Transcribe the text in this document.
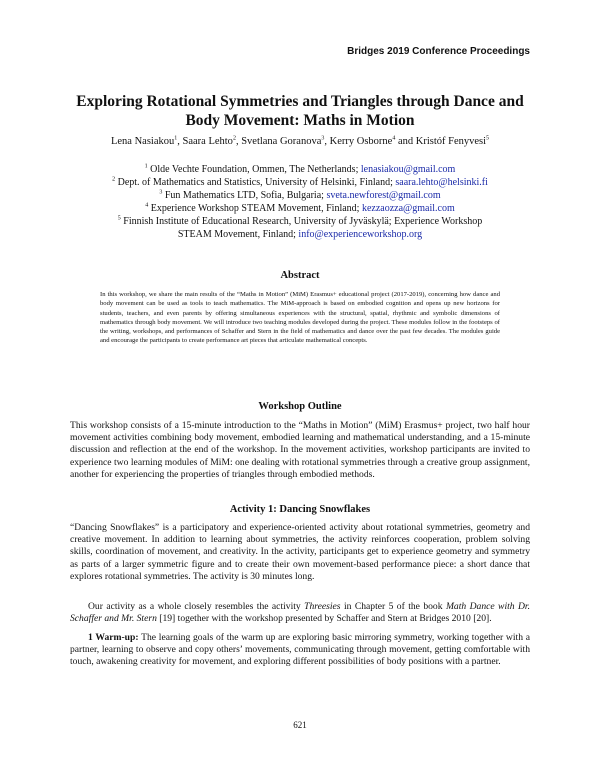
Bridges 2019 Conference Proceedings
Exploring Rotational Symmetries and Triangles through Dance and
Body Movement: Maths in Motion
Lena Nasiakou$^1$, Saara Lehto$^2$, Svetlana Goranova$^3$, Kerry Osborne$^4$ and Kristóf Fenyvesi$^5$
$^1$ Olde Vechte Foundation, Ommen, The Netherlands; lenasiakou@gmail.com
$^2$ Dept. of Mathematics and Statistics, University of Helsinki, Finland; saara.lehto@helsinki.fi
$^3$ Fun Mathematics LTD, Sofia, Bulgaria; sveta.newforest@gmail.com
$^4$ Experience Workshop STEAM Movement, Finland; kezzaozza@gmail.com
$^5$ Finnish Institute of Educational Research, University of Jyväskylä; Experience Workshop
STEAM Movement, Finland; info@experienceworkshop.org
Abstract
In this workshop, we share the main results of the “Maths in Motion” (MiM) Erasmus+ educational project (2017-2019), concerning how dance and body movement can be used as tools to teach mathematics. The MiM-approach is based on embodied cognition and opens up new horizons for students, teachers, and even parents by offering simultaneous experiences with the structural, spatial, rhythmic and symbolic dimensions of mathematics through body movement. We will introduce two teaching modules developed during the project. These modules follow in the footsteps of the writing, workshops, and performances of Schaffer and Stern in the field of mathematics and dance over the past few decades. The modules guide and encourage the participants to create performance art pieces that articulate mathematical concepts.
Workshop Outline
This workshop consists of a 15-minute introduction to the “Maths in Motion” (MiM) Erasmus+ project, two half hour movement activities combining body movement, embodied learning and mathematical understanding, and a 15-minute discussion and reflection at the end of the workshop. In the movement activities, workshop participants are invited to experience two learning modules of MiM: one dealing with rotational symmetries through a creative group assignment, another for experiencing the properties of triangles through embodied methods.
Activity 1: Dancing Snowflakes
“Dancing Snowflakes” is a participatory and experience-oriented activity about rotational symmetries, geometry and creative movement. In addition to learning about symmetries, the activity reinforces cooperation, problem solving skills, coordination of movement, and creativity. In the activity, participants get to experience geometry and symmetry as parts of a larger symmetric figure and to create their own movement-based performance piece: a short dance that explores rotational symmetries. The activity is 30 minutes long.
Our activity as a whole closely resembles the activity Threesies in Chapter 5 of the book Math Dance with Dr. Schaffer and Mr. Stern [19] together with the workshop presented by Schaffer and Stern at Bridges 2010 [20].
1 Warm-up: The learning goals of the warm up are exploring basic mirroring symmetry, working together with a partner, learning to observe and copy others’ movements, communicating through movement, getting comfortable with touch, awakening creativity for movement, and exploring different possibilities of body positions with a partner.
621
